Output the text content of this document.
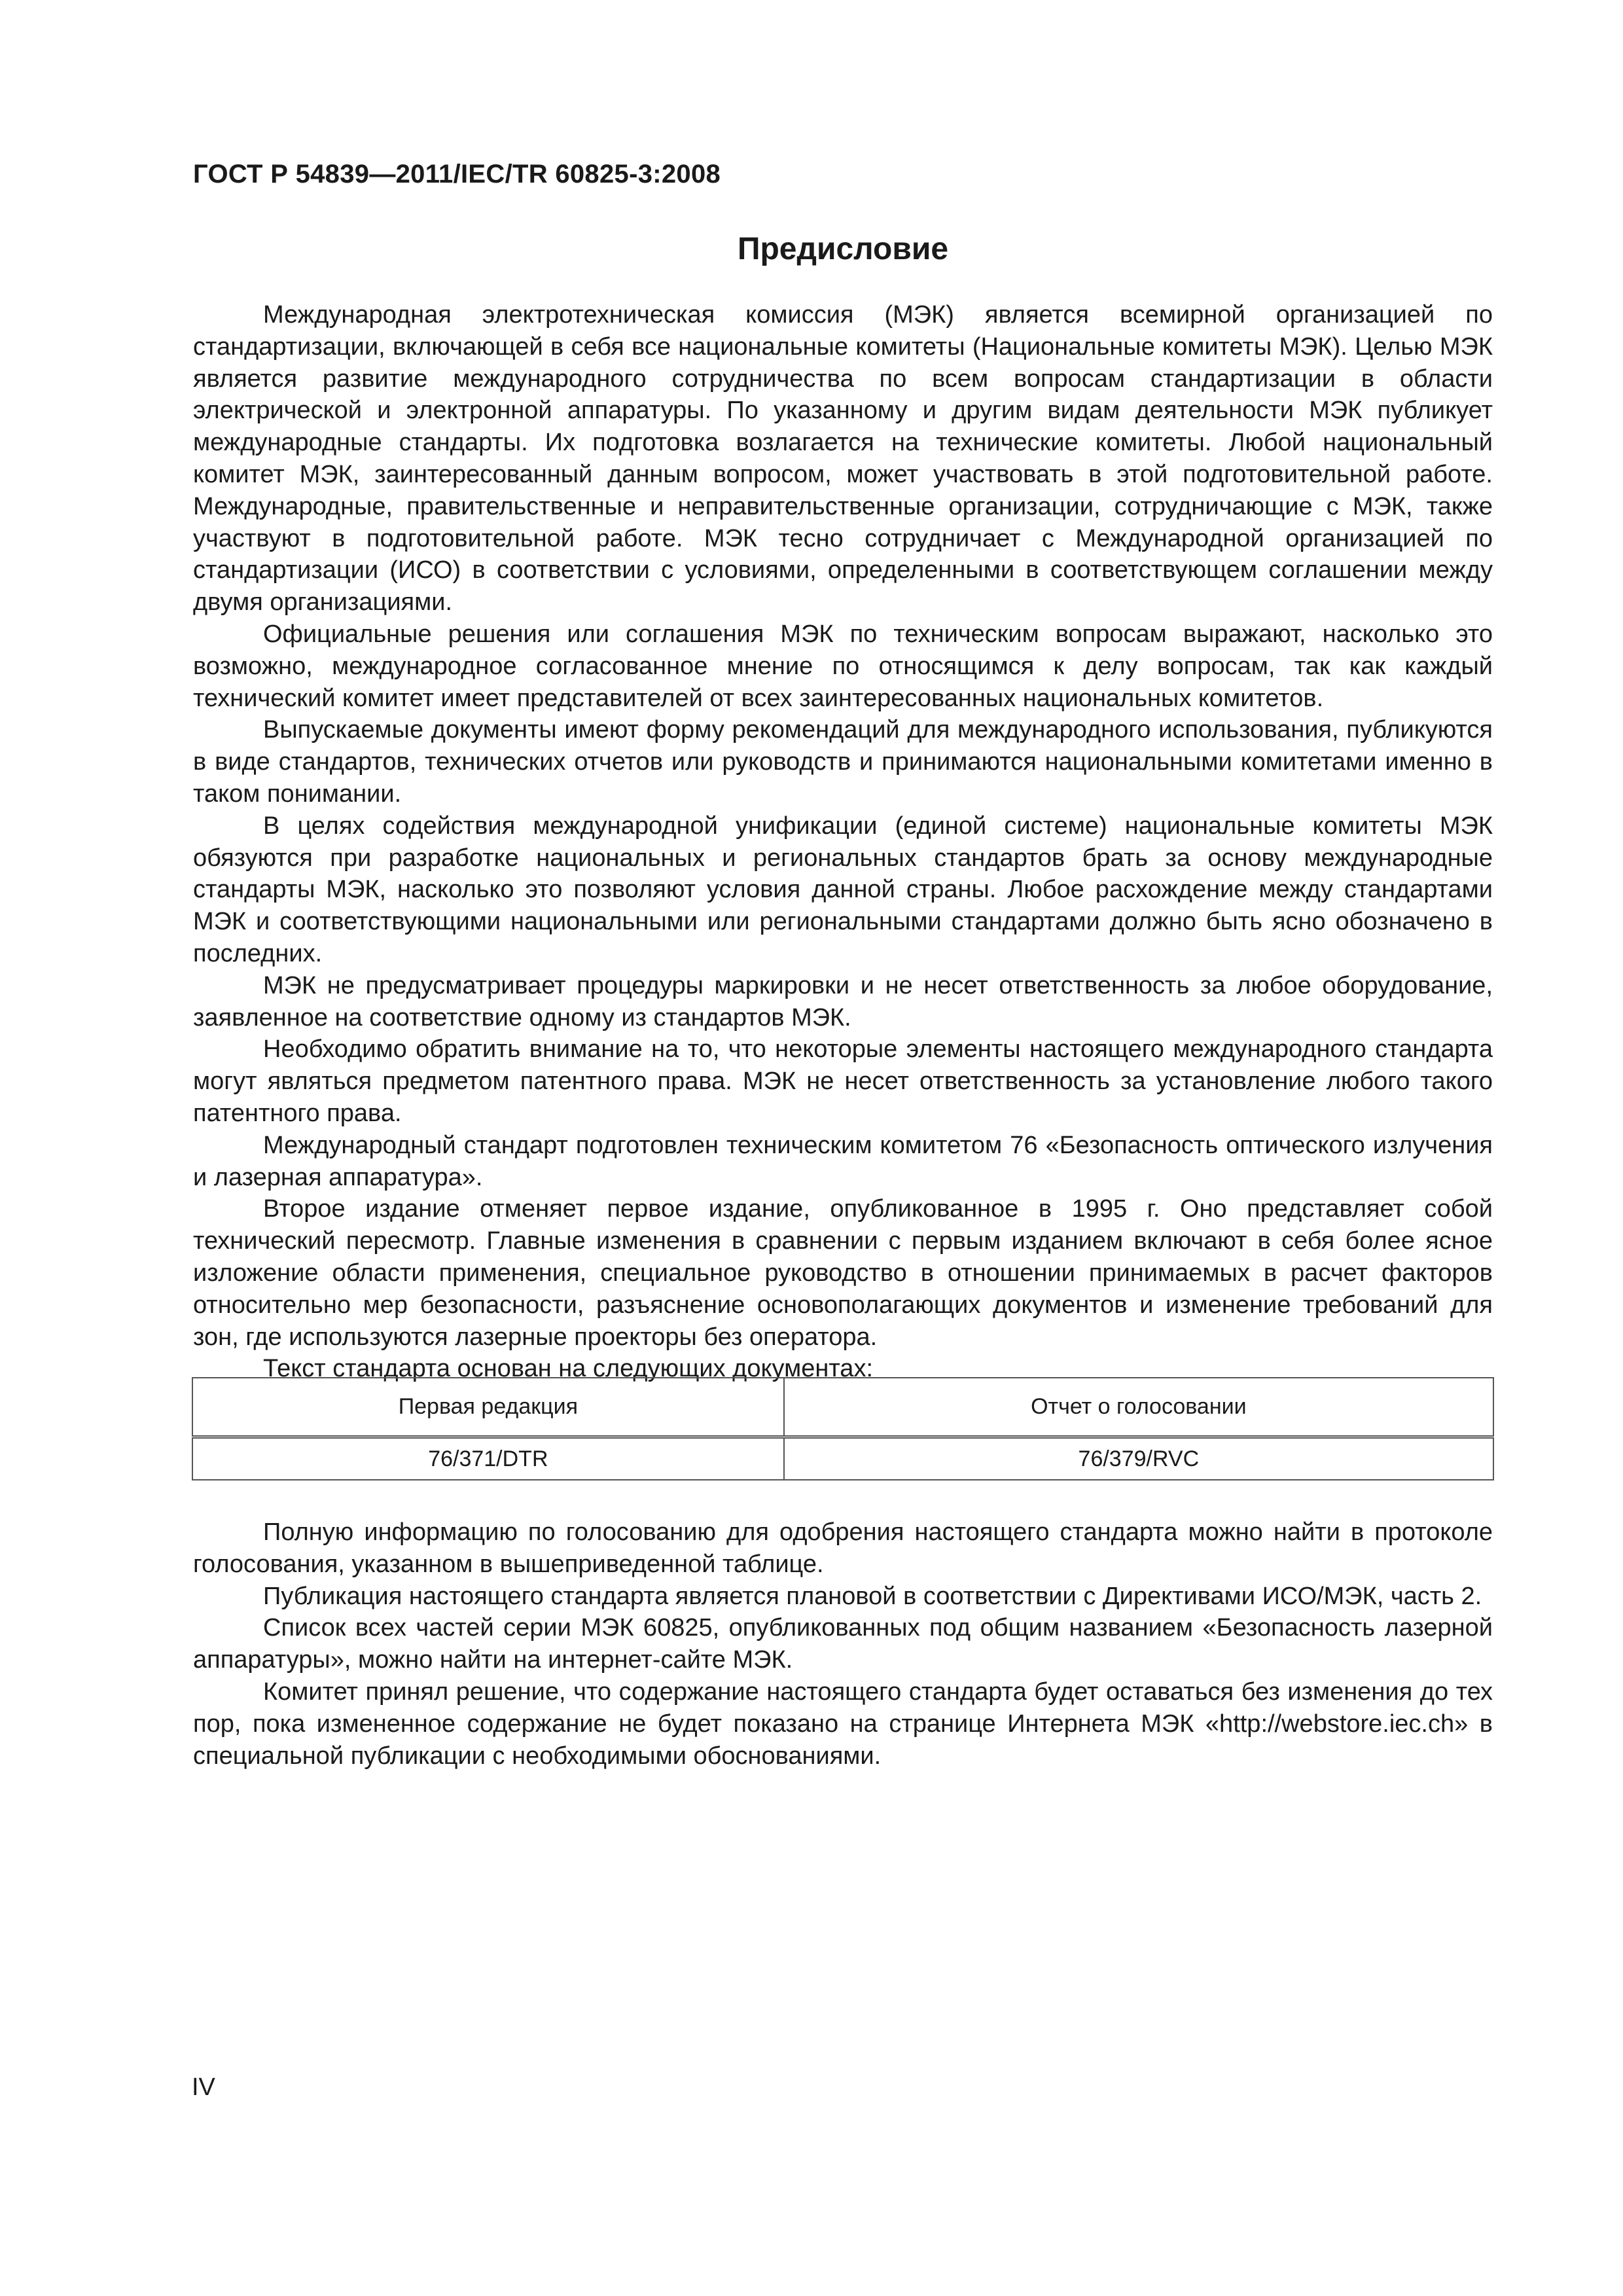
ГОСТ Р 54839—2011/IEC/TR 60825-3:2008
Предисловие

Международная электротехническая комиссия (МЭК) является всемирной организацией по стандартизации, включающей в себя все национальные комитеты (Национальные комитеты МЭК). Целью МЭК является развитие международного сотрудничества по всем вопросам стандартизации в области электрической и электронной аппаратуры. По указанному и другим видам деятельности МЭК публикует международные стандарты. Их подготовка возлагается на технические комитеты. Любой национальный комитет МЭК, заинтересованный данным вопросом, может участвовать в этой подготовительной работе. Международные, правительственные и неправительственные организации, сотрудничающие с МЭК, также участвуют в подготовительной работе. МЭК тесно сотрудничает с Международной организацией по стандартизации (ИСО) в соответствии с условиями, определенными в соответствующем соглашении между двумя организациями.

Официальные решения или соглашения МЭК по техническим вопросам выражают, насколько это возможно, международное согласованное мнение по относящимся к делу вопросам, так как каждый технический комитет имеет представителей от всех заинтересованных национальных комитетов.

Выпускаемые документы имеют форму рекомендаций для международного использования, публикуются в виде стандартов, технических отчетов или руководств и принимаются национальными комитетами именно в таком понимании.

В целях содействия международной унификации (единой системе) национальные комитеты МЭК обязуются при разработке национальных и региональных стандартов брать за основу международные стандарты МЭК, насколько это позволяют условия данной страны. Любое расхождение между стандартами МЭК и соответствующими национальными или региональными стандартами должно быть ясно обозначено в последних.

МЭК не предусматривает процедуры маркировки и не несет ответственность за любое оборудование, заявленное на соответствие одному из стандартов МЭК.

Необходимо обратить внимание на то, что некоторые элементы настоящего международного стандарта могут являться предметом патентного права. МЭК не несет ответственность за установление любого такого патентного права.

Международный стандарт подготовлен техническим комитетом 76 «Безопасность оптического излучения и лазерная аппаратура».

Второе издание отменяет первое издание, опубликованное в 1995 г. Оно представляет собой технический пересмотр. Главные изменения в сравнении с первым изданием включают в себя более ясное изложение области применения, специальное руководство в отношении принимаемых в расчет факторов относительно мер безопасности, разъяснение основополагающих документов и изменение требований для зон, где используются лазерные проекторы без оператора.

Текст стандарта основан на следующих документах:

Первая редакция	Отчет о голосовании
76/371/DTR	76/379/RVC

Полную информацию по голосованию для одобрения настоящего стандарта можно найти в протоколе голосования, указанном в вышеприведенной таблице.

Публикация настоящего стандарта является плановой в соответствии с Директивами ИСО/МЭК, часть 2.

Список всех частей серии МЭК 60825, опубликованных под общим названием «Безопасность лазерной аппаратуры», можно найти на интернет-сайте МЭК.

Комитет принял решение, что содержание настоящего стандарта будет оставаться без изменения до тех пор, пока измененное содержание не будет показано на странице Интернета МЭК «http://webstore.iec.ch» в специальной публикации с необходимыми обоснованиями.

IV
